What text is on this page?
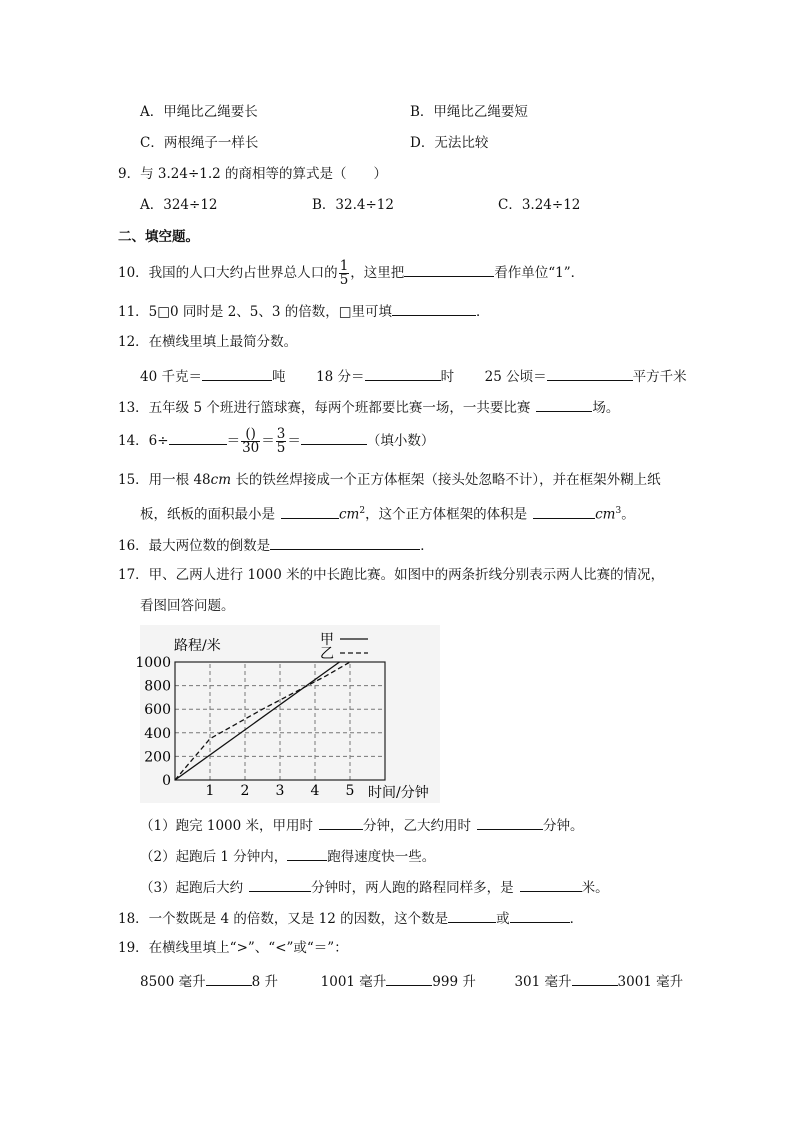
A．甲绳比乙绳要长	B．甲绳比乙绳要短
C．两根绳子一样长	D．无法比较
9．与 3.24÷1.2 的商相等的算式是（　　）
A．324÷12	B．32.4÷12	C．3.24÷12
二、填空题。
10．我国的人口大约占世界总人口的 $\frac{1}{5}$ ，这里把	看作单位“1”．
11．5□0 同时是 2、5、3 的倍数，□里可填	．
12．在横线里填上最简分数。
40 千克＝	吨 18 分＝	时 25 公顷＝	平方千米
13．五年级 5 个班进行篮球赛，每两个班都要比赛一场，一共要比赛	场。
14．6÷	＝ $\frac{()}{30} = \frac{3}{5}$ ＝	（填小数）
15．用一根 48cm 长的铁丝焊接成一个正方体框架（接头处忽略不计），并在框架外糊上纸
板，纸板的面积最小是	$cm^2$，这个正方体框架的体积是	$cm^3$。
16．最大两位数的倒数是	．
17．甲、乙两人进行 1000 米的中长跑比赛。如图中的两条折线分别表示两人比赛的情况，
看图回答问题。
0
200
400
600
800
1000
1 2 3 4 5
路程/米
时间/分钟
甲
乙
（1）跑完 1000 米，甲用时	分钟，乙大约用时	分钟。
（2）起跑后 1 分钟内，	跑得速度快一些。
（3）起跑后大约	分钟时，两人跑的路程同样多，是	米。
18．一个数既是 4 的倍数，又是 12 的因数，这个数是	或	．
19．在横线里填上“>”、“<”或“＝”：
8500 毫升	8 升	1001 毫升	999 升	301 毫升	3001 毫升
